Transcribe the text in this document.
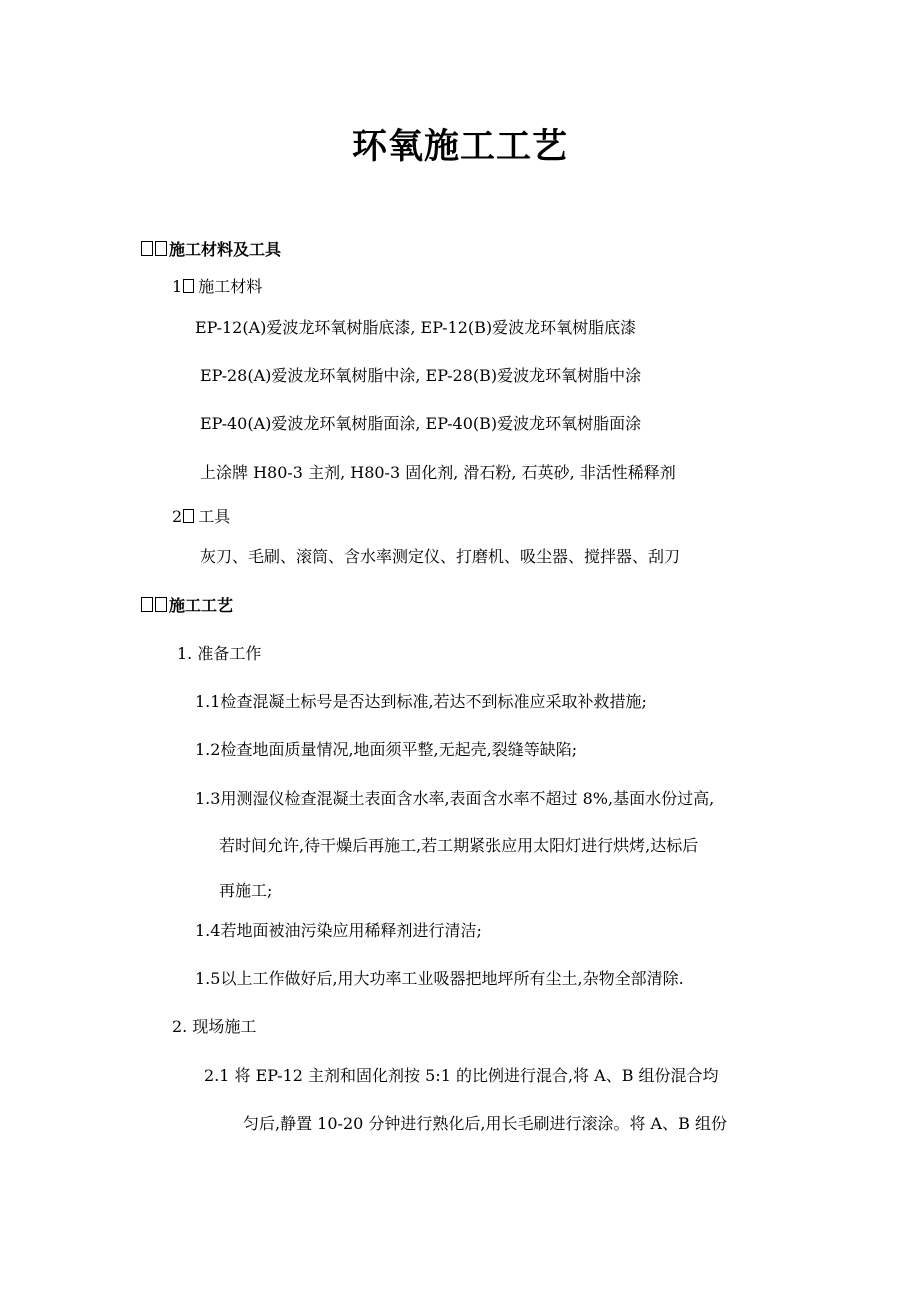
环氧施工工艺
施工材料及工具
1 施工材料
EP-12(A)爱波龙环氧树脂底漆, EP-12(B)爱波龙环氧树脂底漆
EP-28(A)爱波龙环氧树脂中涂, EP-28(B)爱波龙环氧树脂中涂
EP-40(A)爱波龙环氧树脂面涂, EP-40(B)爱波龙环氧树脂面涂
上涂牌 H80-3 主剂, H80-3 固化剂, 滑石粉, 石英砂, 非活性稀释剂
2 工具
灰刀、毛刷、滚筒、含水率测定仪、打磨机、吸尘器、搅拌器、刮刀
施工工艺
1. 准备工作
1.1检查混凝土标号是否达到标准,若达不到标准应采取补救措施;
1.2检查地面质量情况,地面须平整,无起壳,裂缝等缺陷;
1.3用测湿仪检查混凝土表面含水率,表面含水率不超过 8%,基面水份过高,
若时间允许,待干燥后再施工,若工期紧张应用太阳灯进行烘烤,达标后
再施工;
1.4若地面被油污染应用稀释剂进行清洁;
1.5以上工作做好后,用大功率工业吸器把地坪所有尘土,杂物全部清除.
2. 现场施工
2.1 将 EP-12 主剂和固化剂按 5:1 的比例进行混合,将 A、B 组份混合均
匀后,静置 10-20 分钟进行熟化后,用长毛刷进行滚涂。将 A、B 组份
